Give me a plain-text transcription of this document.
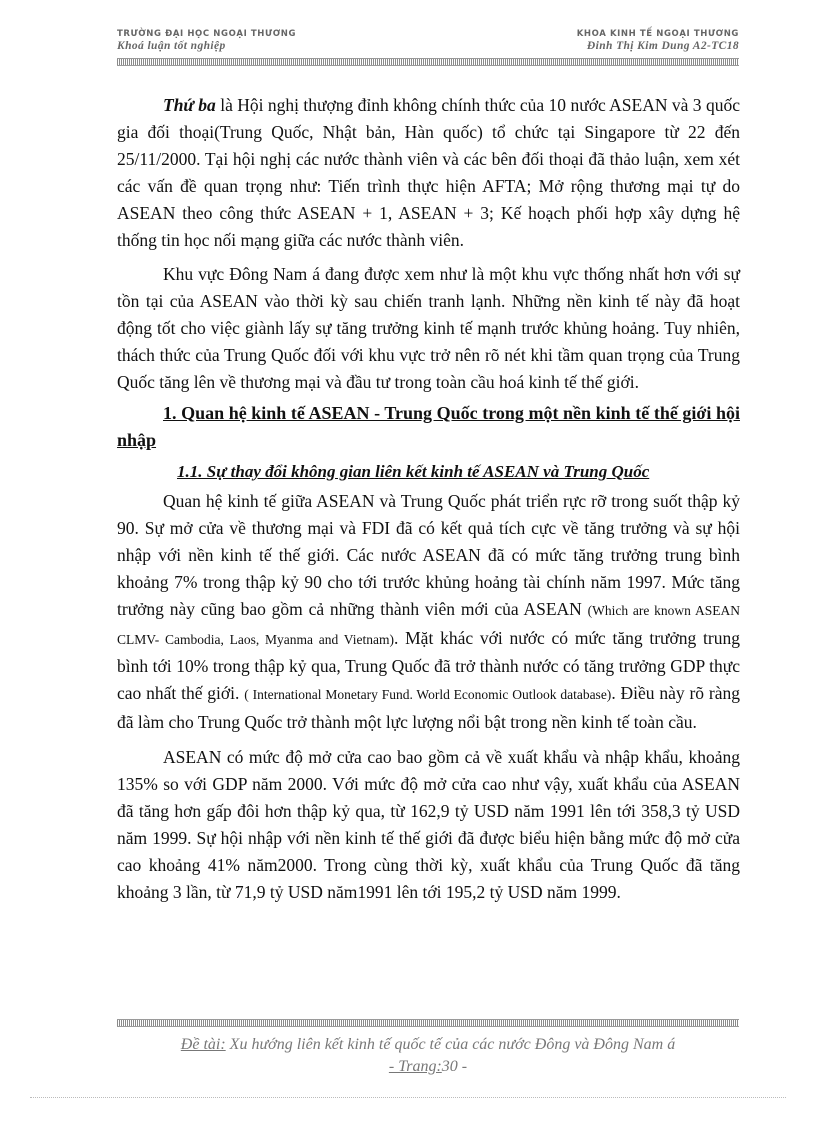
TRƯỜNG ĐẠI HỌC NGOẠI THƯƠNG
Khoá luận tốt nghiệp
KHOA KINH TẾ NGOẠI THƯƠNG
Đinh Thị Kim Dung A2-TC18

Thứ ba là Hội nghị thượng đỉnh không chính thức của 10 nước ASEAN và 3 quốc gia đối thoại(Trung Quốc, Nhật bản, Hàn quốc) tổ chức tại Singapore từ 22 đến 25/11/2000. Tại hội nghị các nước thành viên và các bên đối thoại đã thảo luận, xem xét các vấn đề quan trọng như: Tiến trình thực hiện AFTA; Mở rộng thương mại tự do ASEAN theo công thức ASEAN + 1, ASEAN + 3; Kế hoạch phối hợp xây dựng hệ thống tin học nối mạng giữa các nước thành viên.

Khu vực Đông Nam á đang được xem như là một khu vực thống nhất hơn với sự tồn tại của ASEAN vào thời kỳ sau chiến tranh lạnh. Những nền kinh tế này đã hoạt động tốt cho việc giành lấy sự tăng trưởng kinh tế mạnh trước khủng hoảng. Tuy nhiên, thách thức của Trung Quốc đối với khu vực trở nên rõ nét khi tầm quan trọng của Trung Quốc tăng lên về thương mại và đầu tư trong toàn cầu hoá kinh tế thế giới.

1. Quan hệ kinh tế ASEAN - Trung Quốc trong một nền kinh tế thế giới hội nhập
1.1. Sự thay đổi không gian liên kết kinh tế ASEAN và Trung Quốc

Quan hệ kinh tế giữa ASEAN và Trung Quốc phát triển rực rỡ trong suốt thập kỷ 90. Sự mở cửa về thương mại và FDI đã có kết quả tích cực về tăng trưởng và sự hội nhập với nền kinh tế thế giới. Các nước ASEAN đã có mức tăng trưởng trung bình khoảng 7% trong thập kỷ 90 cho tới trước khủng hoảng tài chính năm 1997. Mức tăng trưởng này cũng bao gồm cả những thành viên mới của ASEAN (Which are known ASEAN CLMV- Cambodia, Laos, Myanma and Vietnam). Mặt khác với nước có mức tăng trưởng trung bình tới 10% trong thập kỷ qua, Trung Quốc đã trở thành nước có tăng trưởng GDP thực cao nhất thế giới. ( International Monetary Fund. World Economic Outlook database). Điều này rõ ràng đã làm cho Trung Quốc trở thành một lực lượng nổi bật trong nền kinh tế toàn cầu.

ASEAN có mức độ mở cửa cao bao gồm cả về xuất khẩu và nhập khẩu, khoảng 135% so với GDP năm 2000. Với mức độ mở cửa cao như vậy, xuất khẩu của ASEAN đã tăng hơn gấp đôi hơn thập kỷ qua, từ 162,9 tỷ USD năm 1991 lên tới 358,3 tỷ USD năm 1999. Sự hội nhập với nền kinh tế thế giới đã được biểu hiện bằng mức độ mở cửa cao khoảng 41% năm2000. Trong cùng thời kỳ, xuất khẩu của Trung Quốc đã tăng khoảng 3 lần, từ 71,9 tỷ USD năm1991 lên tới 195,2 tỷ USD năm 1999.

Đề tài: Xu hướng liên kết kinh tế quốc tế của các nước Đông và Đông Nam á
- Trang:30 -
